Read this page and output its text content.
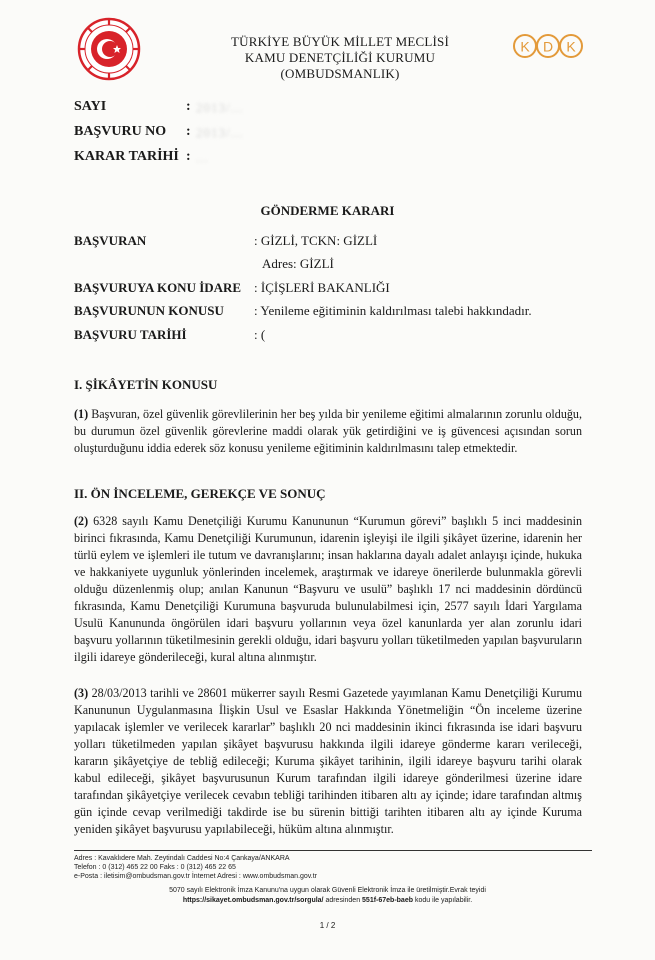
TÜRKİYE BÜYÜK MİLLET MECLİSİ
KAMU DENETÇİLİĞİ KURUMU
(OMBUDSMANLIK)
K D K
SAYI	: 2013/...
BAŞVURU NO : 2013/...
KARAR TARİHİ : ...
GÖNDERME KARARI
BAŞVURAN	: GİZLİ, TCKN: GİZLİ
Adres: GİZLİ
BAŞVURUYA KONU İDARE : İÇİŞLERİ BAKANLIĞI
BAŞVURUNUN KONUSU : Yenileme eğitiminin kaldırılması talebi hakkındadır.
BAŞVURU TARİHİ	: (
I. ŞİKÂYETİN KONUSU
(1) Başvuran, özel güvenlik görevlilerinin her beş yılda bir yenileme eğitimi almalarının zorunlu olduğu, bu durumun özel güvenlik görevlerine maddi olarak yük getirdiğini ve iş güvencesi açısından sorun oluşturduğunu iddia ederek söz konusu yenileme eğitiminin kaldırılmasını talep etmektedir.
II. ÖN İNCELEME, GEREKÇE VE SONUÇ
(2) 6328 sayılı Kamu Denetçiliği Kurumu Kanununun “Kurumun görevi” başlıklı 5 inci maddesinin birinci fıkrasında, Kamu Denetçiliği Kurumunun, idarenin işleyişi ile ilgili şikâyet üzerine, idarenin her türlü eylem ve işlemleri ile tutum ve davranışlarını; insan haklarına dayalı adalet anlayışı içinde, hukuka ve hakkaniyete uygunluk yönlerinden incelemek, araştırmak ve idareye önerilerde bulunmakla görevli olduğu düzenlenmiş olup; anılan Kanunun “Başvuru ve usulü” başlıklı 17 nci maddesinin dördüncü fıkrasında, Kamu Denetçiliği Kurumuna başvuruda bulunulabilmesi için, 2577 sayılı İdari Yargılama Usulü Kanununda öngörülen idari başvuru yollarının veya özel kanunlarda yer alan zorunlu idari başvuru yollarının tüketilmesinin gerekli olduğu, idari başvuru yolları tüketilmeden yapılan başvuruların ilgili idareye gönderileceği, kural altına alınmıştır.
(3) 28/03/2013 tarihli ve 28601 mükerrer sayılı Resmi Gazetede yayımlanan Kamu Denetçiliği Kurumu Kanununun Uygulanmasına İlişkin Usul ve Esaslar Hakkında Yönetmeliğin “Ön inceleme üzerine yapılacak işlemler ve verilecek kararlar” başlıklı 20 nci maddesinin ikinci fıkrasında ise idari başvuru yolları tüketilmeden yapılan şikâyet başvurusu hakkında ilgili idareye gönderme kararı verileceği, kararın şikâyetçiye de tebliğ edileceği; Kuruma şikâyet tarihinin, ilgili idareye başvuru tarihi olarak kabul edileceği, şikâyet başvurusunun Kurum tarafından ilgili idareye gönderilmesi üzerine idare tarafından şikâyetçiye verilecek cevabın tebliği tarihinden itibaren altı ay içinde; idare tarafından altmış gün içinde cevap verilmediği takdirde ise bu sürenin bittiği tarihten itibaren altı ay içinde Kuruma yeniden şikâyet başvurusu yapılabileceği, hüküm altına alınmıştır.
Adres : Kavaklıdere Mah. Zeytindalı Caddesi No:4 Çankaya/ANKARA
Telefon : 0 (312) 465 22 00 Faks : 0 (312) 465 22 65
e-Posta : iletisim@ombudsman.gov.tr İnternet Adresi : www.ombudsman.gov.tr
5070 sayılı Elektronik İmza Kanunu'na uygun olarak Güvenli Elektronik İmza ile üretilmiştir.Evrak teyidi
https://sikayet.ombudsman.gov.tr/sorgula/ adresinden 551f-67eb-baeb kodu ile yapılabilir.
1 / 2
